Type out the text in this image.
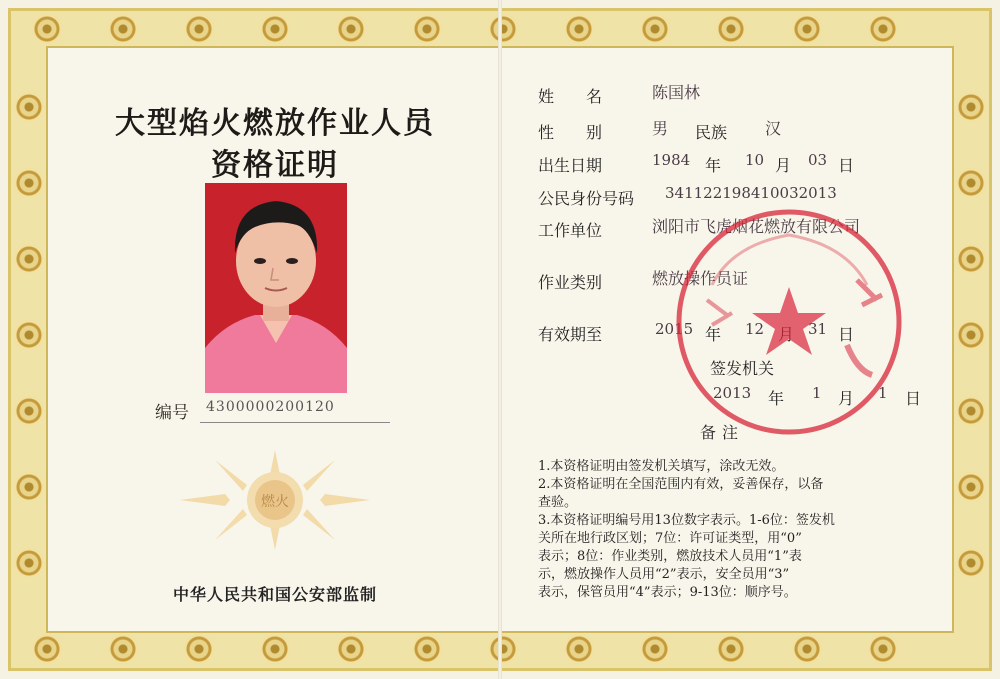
大型焰火燃放作业人员
资格证明
编号 4300000200120
燃火
中华人民共和国公安部监制
姓　　名	陈国林
性　　别	男 民族 汉
出生日期	1984 年 10 月 03 日
公民身份号码 341122198410032013
工作单位	浏阳市飞虎烟花燃放有限公司
作业类别	燃放操作员证
有效期至	2015 年 12	31 日
签发机关
2013 年 1 月 1 日
备注
1.本资格证明由签发机关填写，涂改无效。
2.本资格证明在全国范围内有效，妥善保存，以备
查验。
3.本资格证明编号用13位数字表示。1-6位：签发机
关所在地行政区划；7位：许可证类型，用“0”
表示；8位：作业类别，燃放技术人员用“1”表
示，燃放操作人员用“2”表示，安全员用“3”
表示，保管员用“4”表示；9-13位：顺序号。
